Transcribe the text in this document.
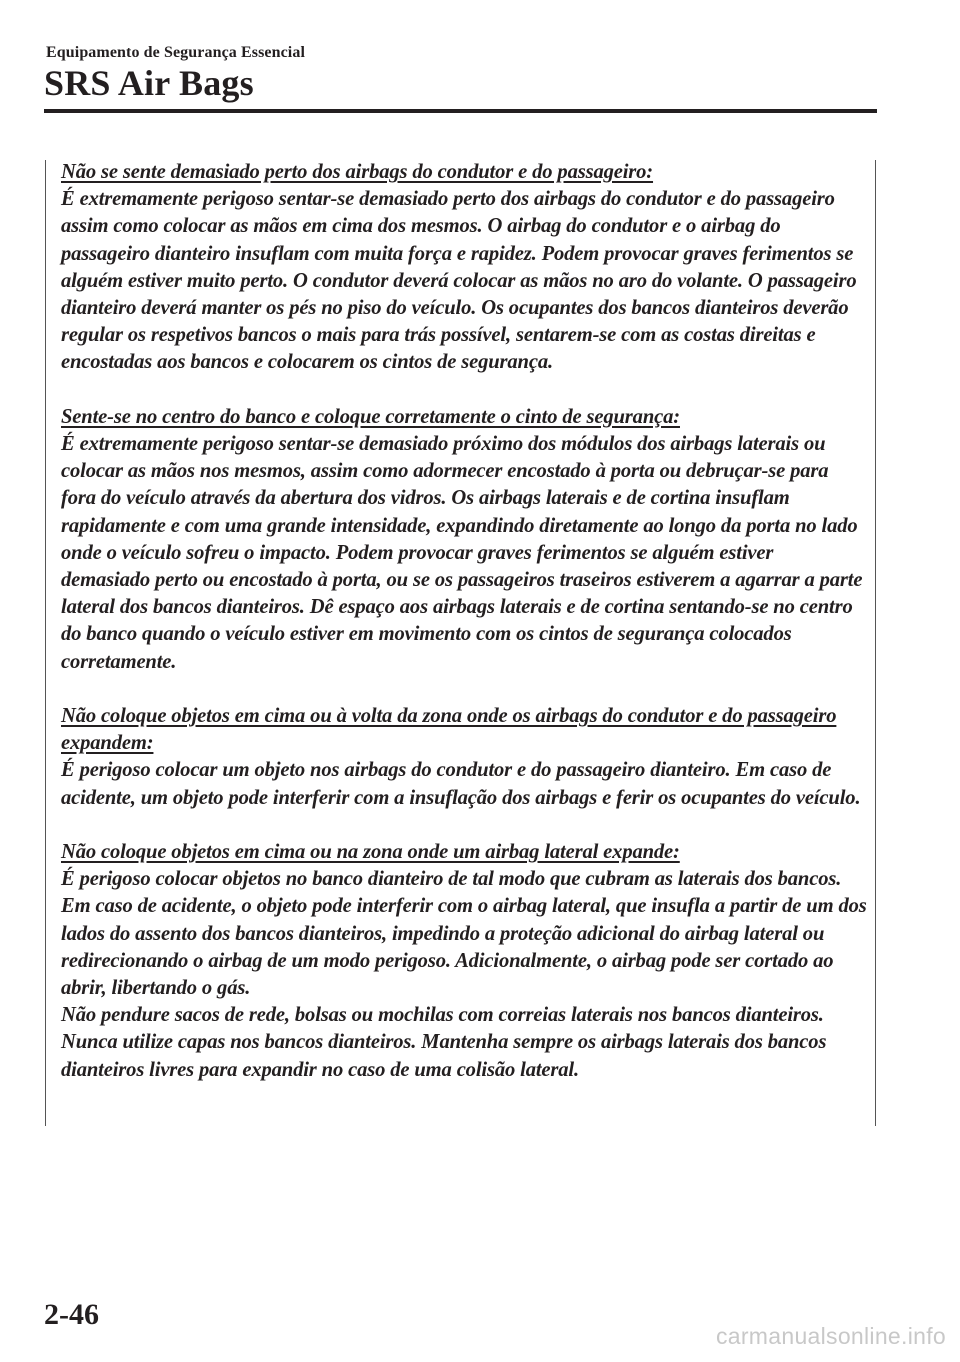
Equipamento de Segurança Essencial
SRS Air Bags
Não se sente demasiado perto dos airbags do condutor e do passageiro:

É extremamente perigoso sentar-se demasiado perto dos airbags do condutor e do passageiro assim como colocar as mãos em cima dos mesmos. O airbag do condutor e o airbag do passageiro dianteiro insuflam com muita força e rapidez. Podem provocar graves ferimentos se alguém estiver muito perto. O condutor deverá colocar as mãos no aro do volante. O passageiro dianteiro deverá manter os pés no piso do veículo. Os ocupantes dos bancos dianteiros deverão regular os respetivos bancos o mais para trás possível, sentarem-se com as costas direitas e encostadas aos bancos e colocarem os cintos de segurança.

Sente-se no centro do banco e coloque corretamente o cinto de segurança:

É extremamente perigoso sentar-se demasiado próximo dos módulos dos airbags laterais ou colocar as mãos nos mesmos, assim como adormecer encostado à porta ou debruçar-se para fora do veículo através da abertura dos vidros. Os airbags laterais e de cortina insuflam rapidamente e com uma grande intensidade, expandindo diretamente ao longo da porta no lado onde o veículo sofreu o impacto. Podem provocar graves ferimentos se alguém estiver demasiado perto ou encostado à porta, ou se os passageiros traseiros estiverem a agarrar a parte lateral dos bancos dianteiros. Dê espaço aos airbags laterais e de cortina sentando-se no centro do banco quando o veículo estiver em movimento com os cintos de segurança colocados corretamente.

Não coloque objetos em cima ou à volta da zona onde os airbags do condutor e do passageiro expandem:

É perigoso colocar um objeto nos airbags do condutor e do passageiro dianteiro. Em caso de acidente, um objeto pode interferir com a insuflação dos airbags e ferir os ocupantes do veículo.

Não coloque objetos em cima ou na zona onde um airbag lateral expande:

É perigoso colocar objetos no banco dianteiro de tal modo que cubram as laterais dos bancos. Em caso de acidente, o objeto pode interferir com o airbag lateral, que insufla a partir de um dos lados do assento dos bancos dianteiros, impedindo a proteção adicional do airbag lateral ou redirecionando o airbag de um modo perigoso. Adicionalmente, o airbag pode ser cortado ao abrir, libertando o gás.

Não pendure sacos de rede, bolsas ou mochilas com correias laterais nos bancos dianteiros. Nunca utilize capas nos bancos dianteiros. Mantenha sempre os airbags laterais dos bancos dianteiros livres para expandir no caso de uma colisão lateral.

2-46
carmanualsonline.info
